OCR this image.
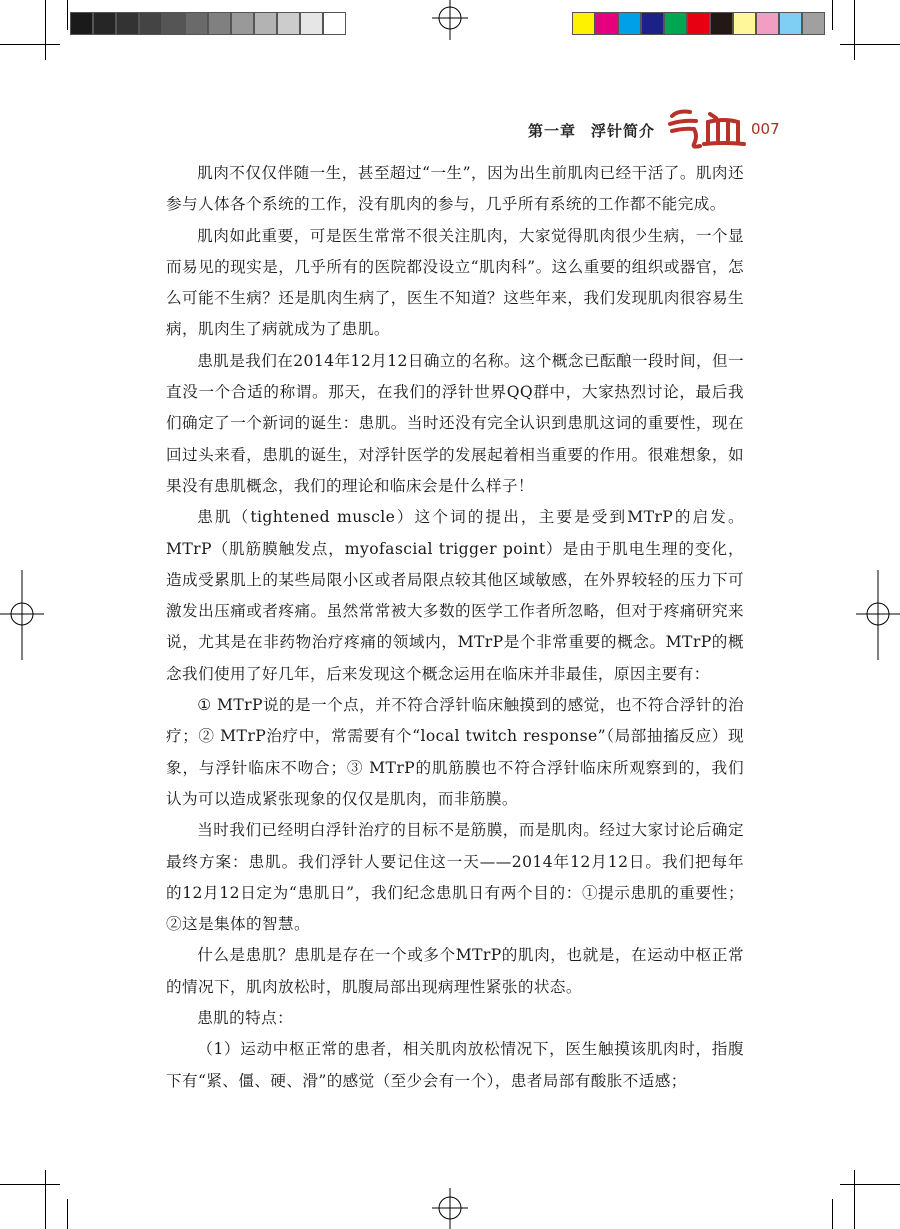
第一章 浮针简介	007

肌肉不仅仅伴随一生，甚至超过“一生”，因为出生前肌肉已经干活了。肌肉还参与人体各个系统的工作，没有肌肉的参与，几乎所有系统的工作都不能完成。

肌肉如此重要，可是医生常常不很关注肌肉，大家觉得肌肉很少生病，一个显而易见的现实是，几乎所有的医院都没设立“肌肉科”。这么重要的组织或器官，怎么可能不生病？还是肌肉生病了，医生不知道？这些年来，我们发现肌肉很容易生病，肌肉生了病就成为了患肌。

患肌是我们在2014年12月12日确立的名称。这个概念已酝酿一段时间，但一直没一个合适的称谓。那天，在我们的浮针世界QQ群中，大家热烈讨论，最后我们确定了一个新词的诞生：患肌。当时还没有完全认识到患肌这词的重要性，现在回过头来看，患肌的诞生，对浮针医学的发展起着相当重要的作用。很难想象，如果没有患肌概念，我们的理论和临床会是什么样子！

患肌（tightened muscle）这个词的提出，主要是受到MTrP的启发。MTrP（肌筋膜触发点，myofascial trigger point）是由于肌电生理的变化，造成受累肌上的某些局限小区或者局限点较其他区域敏感，在外界较轻的压力下可激发出压痛或者疼痛。虽然常常被大多数的医学工作者所忽略，但对于疼痛研究来说，尤其是在非药物治疗疼痛的领域内，MTrP是个非常重要的概念。MTrP的概念我们使用了好几年，后来发现这个概念运用在临床并非最佳，原因主要有：

① MTrP说的是一个点，并不符合浮针临床触摸到的感觉，也不符合浮针的治疗；② MTrP治疗中，常需要有个“local twitch response”（局部抽搐反应）现象，与浮针临床不吻合；③ MTrP的肌筋膜也不符合浮针临床所观察到的，我们认为可以造成紧张现象的仅仅是肌肉，而非筋膜。

当时我们已经明白浮针治疗的目标不是筋膜，而是肌肉。经过大家讨论后确定最终方案：患肌。我们浮针人要记住这一天——2014年12月12日。我们把每年的12月12日定为“患肌日”，我们纪念患肌日有两个目的：①提示患肌的重要性；②这是集体的智慧。

什么是患肌？患肌是存在一个或多个MTrP的肌肉，也就是，在运动中枢正常的情况下，肌肉放松时，肌腹局部出现病理性紧张的状态。

患肌的特点：

（1）运动中枢正常的患者，相关肌肉放松情况下，医生触摸该肌肉时，指腹下有“紧、僵、硬、滑”的感觉（至少会有一个），患者局部有酸胀不适感；
